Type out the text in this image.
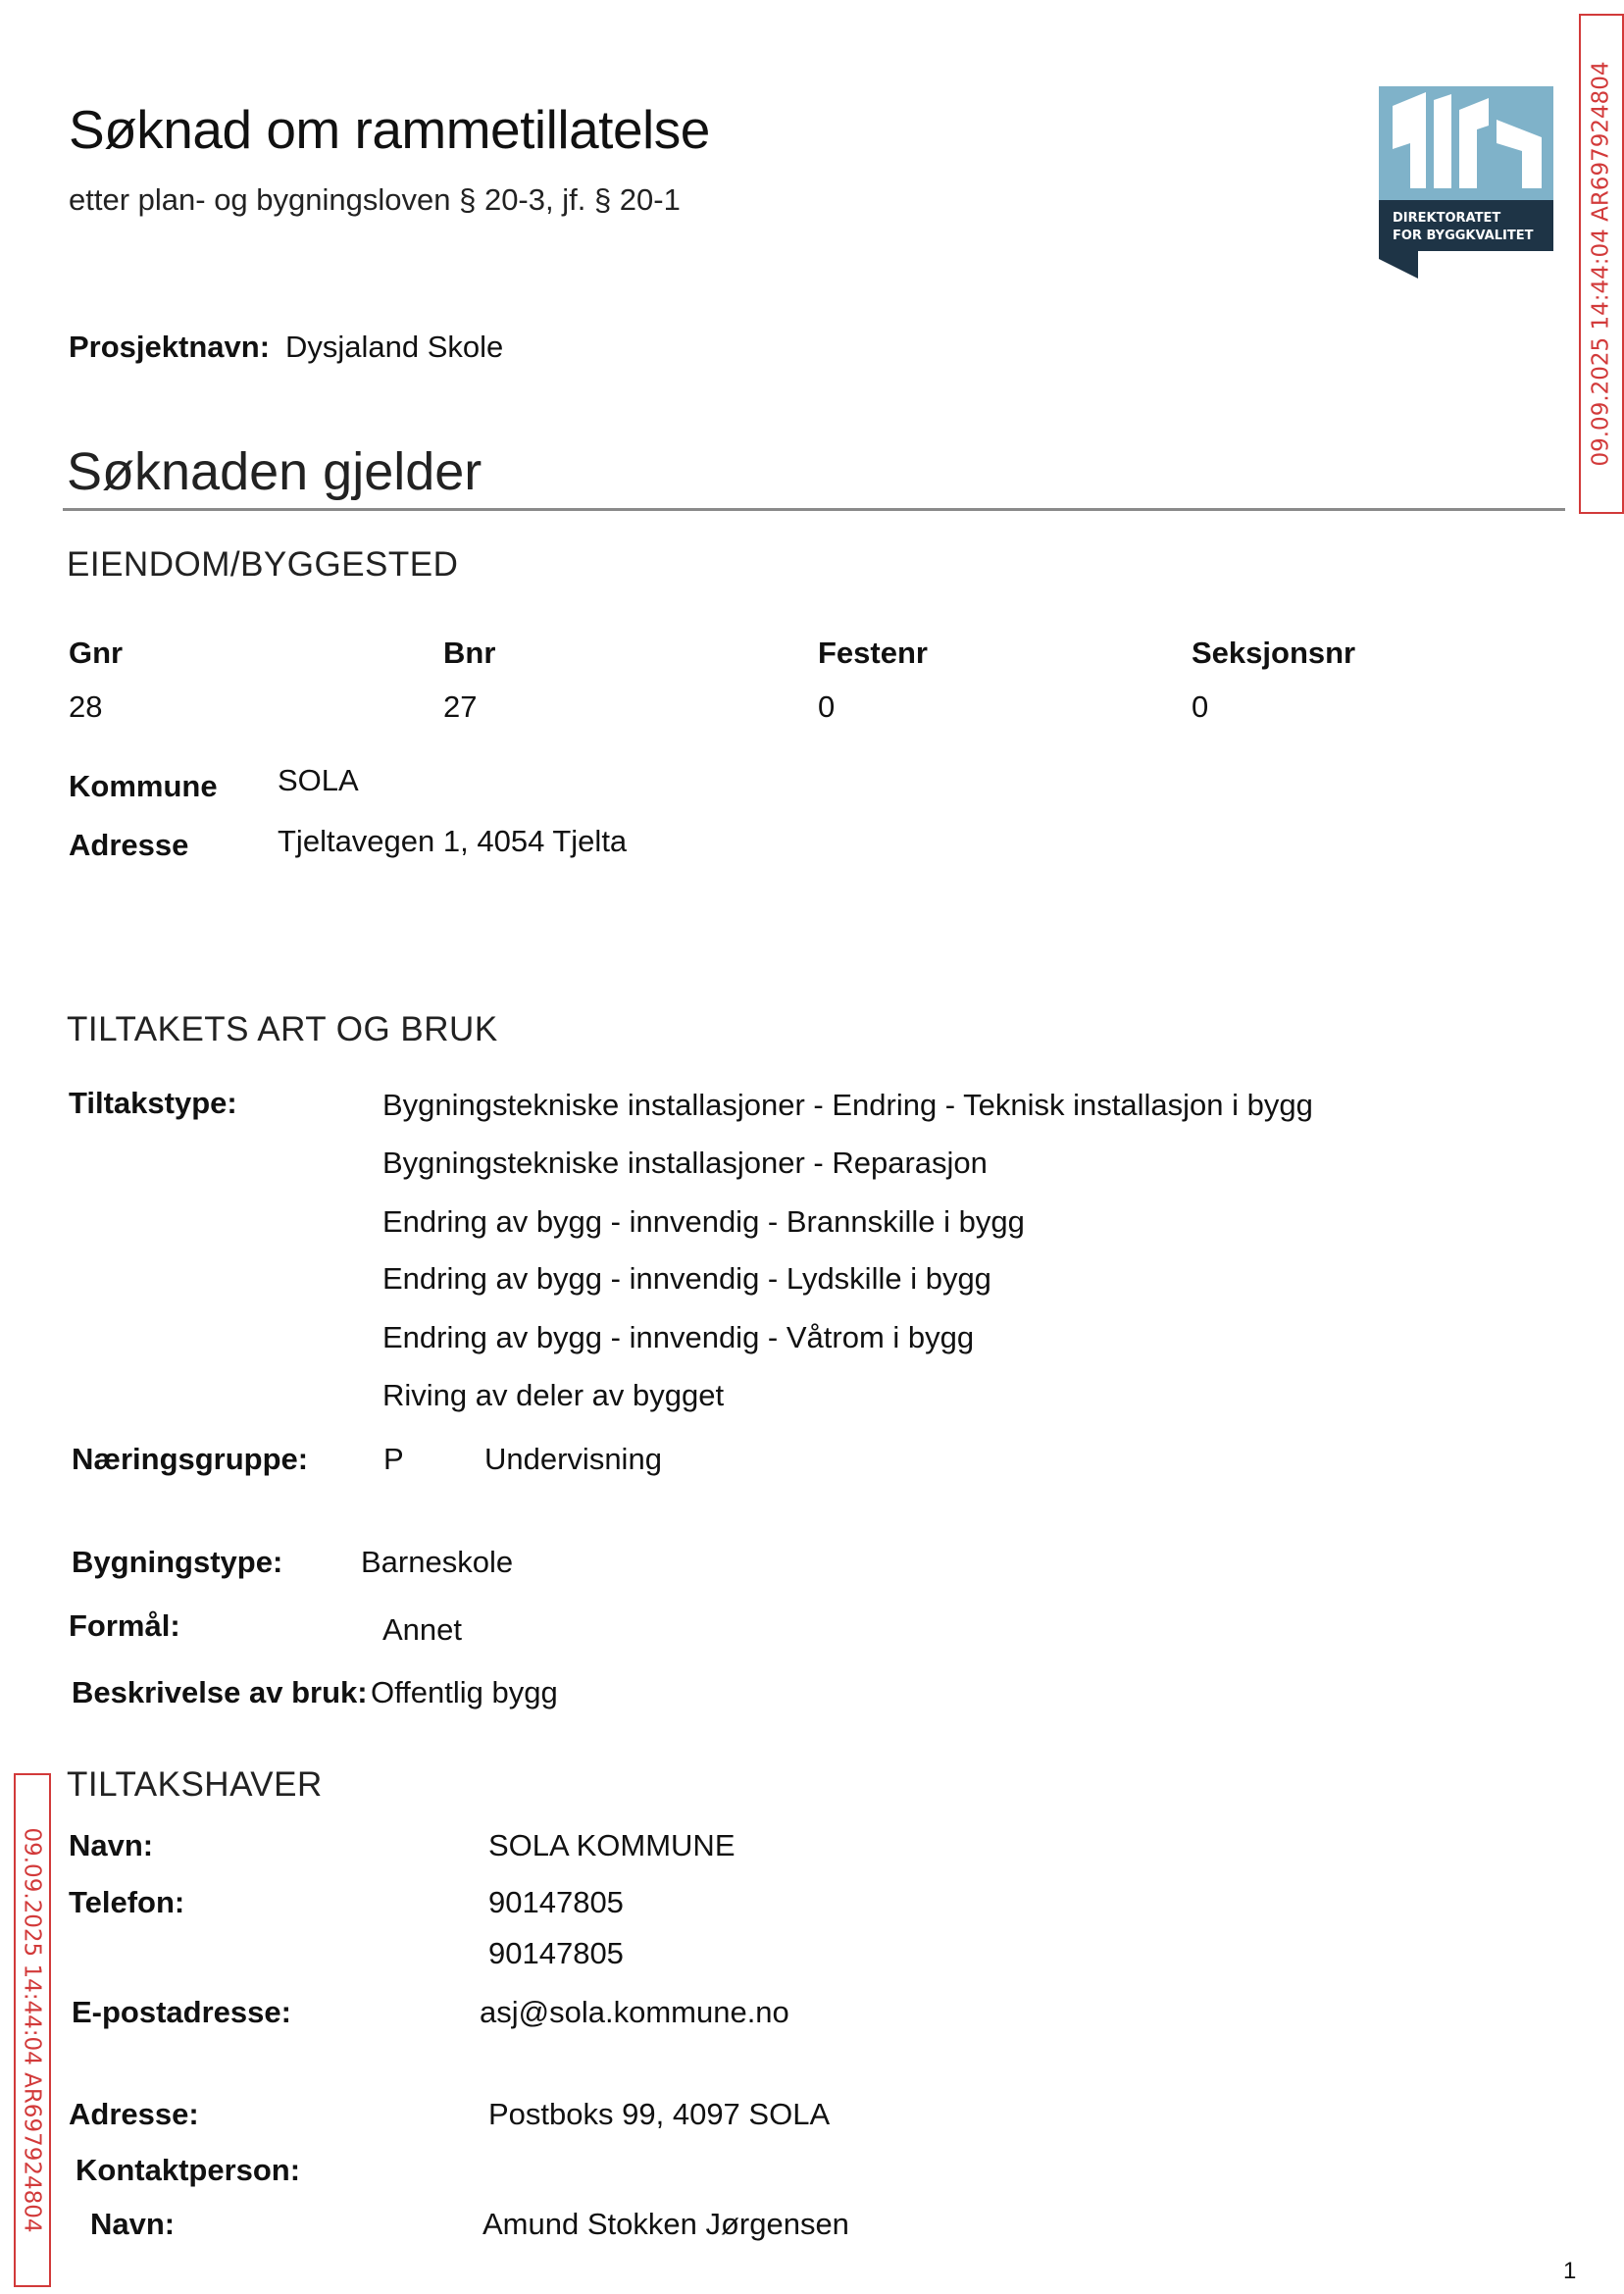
Søknad om rammetillatelse
etter plan- og bygningsloven § 20-3, jf. § 20-1
DIREKTORATET
FOR BYGGKVALITET 09.09.2025 14:44:04 AR697924804
09.09.2025 14:44:04 AR697924804
Prosjektnavn: Dysjaland Skole
Søknaden gjelder
EIENDOM/BYGGESTED
Gnr	Bnr	Festenr	Seksjonsnr
28	27	0	0
Kommune SOLA
Adresse	Tjeltavegen 1, 4054 Tjelta
TILTAKETS ART OG BRUK
Tiltakstype:	Bygningstekniske installasjoner - Endring - Teknisk installasjon i bygg
Bygningstekniske installasjoner - Reparasjon
Endring av bygg - innvendig - Brannskille i bygg
Endring av bygg - innvendig - Lydskille i bygg
Endring av bygg - innvendig - Våtrom i bygg
Riving av deler av bygget
Næringsgruppe: P	Undervisning
Bygningstype:	Barneskole
Formål:	Annet
Beskrivelse av bruk: Offentlig bygg
TILTAKSHAVER
Navn:	SOLA KOMMUNE
Telefon:	90147805
90147805
E-postadresse:	asj@sola.kommune.no
Adresse:	Postboks 99, 4097 SOLA
Kontaktperson:
Navn:	Amund Stokken Jørgensen
1
